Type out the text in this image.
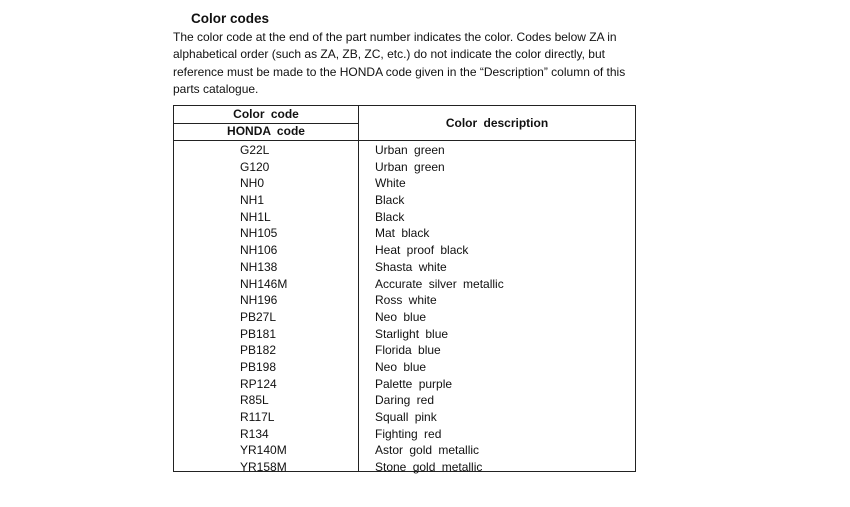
Color codes
The color code at the end of the part number indicates the color. Codes below ZA in alphabetical order (such as ZA, ZB, ZC, etc.) do not indicate the color directly, but reference must be made to the HONDA code given in the “Description” column of this parts catalogue.
Color code
HONDA code
Color description
G22L	Urban green
G120	Urban green
NH0	White
NH1	Black
NH1L	Black
NH105	Mat black
NH106	Heat proof black
NH138	Shasta white
NH146M	Accurate silver metallic
NH196	Ross white
PB27L	Neo blue
PB181	Starlight blue
PB182	Florida blue
PB198	Neo blue
RP124	Palette purple
R85L	Daring red
R117L	Squall pink
R134	Fighting red
YR140M	Astor gold metallic
YR158M	Stone gold metallic
